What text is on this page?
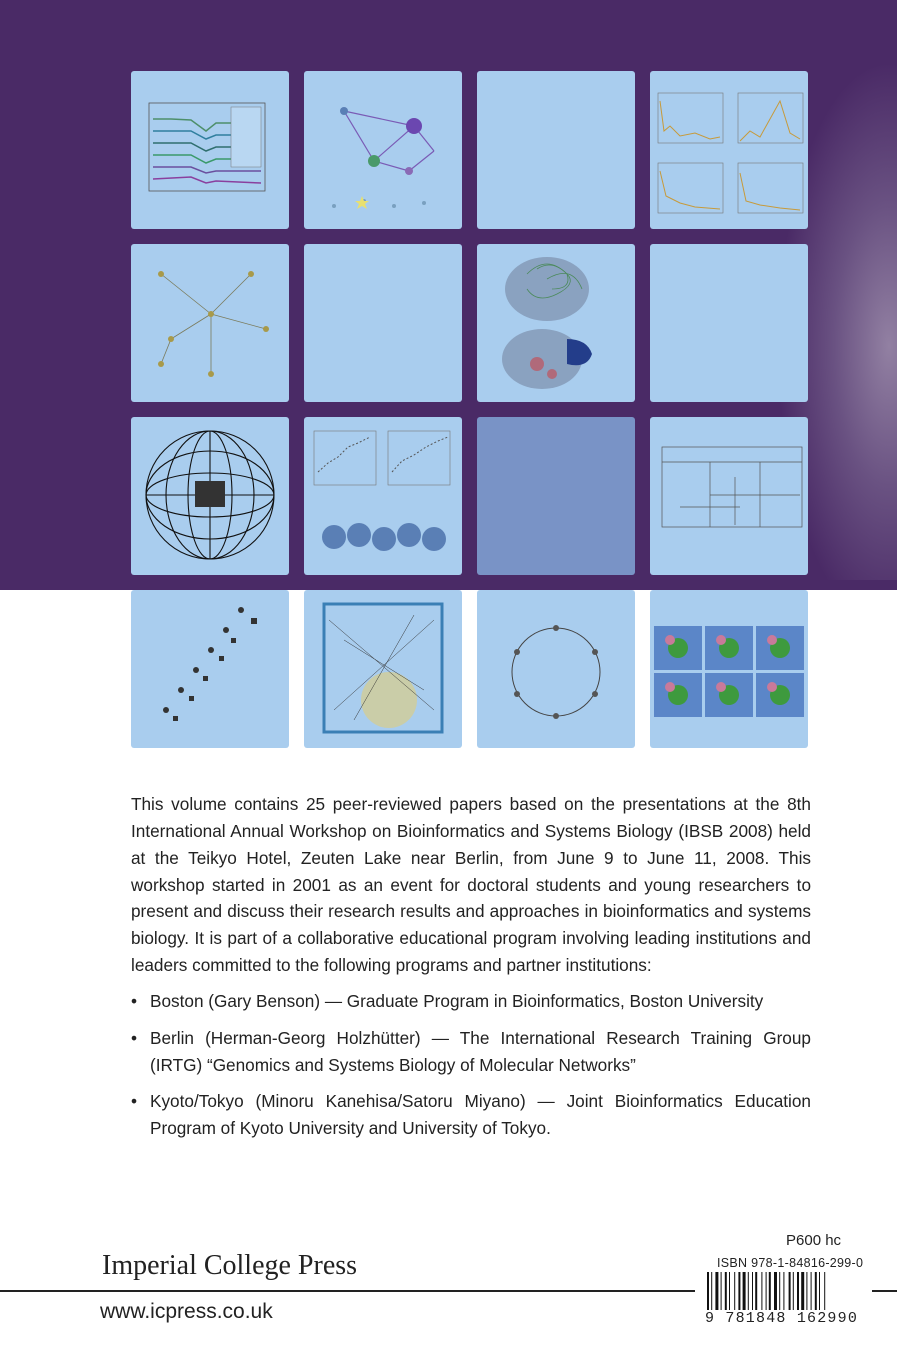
This volume contains 25 peer-reviewed papers based on the presentations at the 8th International Annual Workshop on Bioinformatics and Systems Biology (IBSB 2008) held at the Teikyo Hotel, Zeuten Lake near Berlin, from June 9 to June 11, 2008. This workshop started in 2001 as an event for doctoral students and young researchers to present and discuss their research results and approaches in bioinformatics and systems biology. It is part of a collaborative educational program involving leading institutions and leaders committed to the following programs and partner institutions:

• Boston (Gary Benson) — Graduate Program in Bioinformatics, Boston University
• Berlin (Herman-Georg Holzhütter) — The International Research Training Group (IRTG) “Genomics and Systems Biology of Molecular Networks”
• Kyoto/Tokyo (Minoru Kanehisa/Satoru Miyano) — Joint Bioinformatics Education Program of Kyoto University and University of Tokyo.
P600 hc
Imperial College Press	ISBN 978-1-84816-299-0
9 781848 162990
www.icpress.co.uk
